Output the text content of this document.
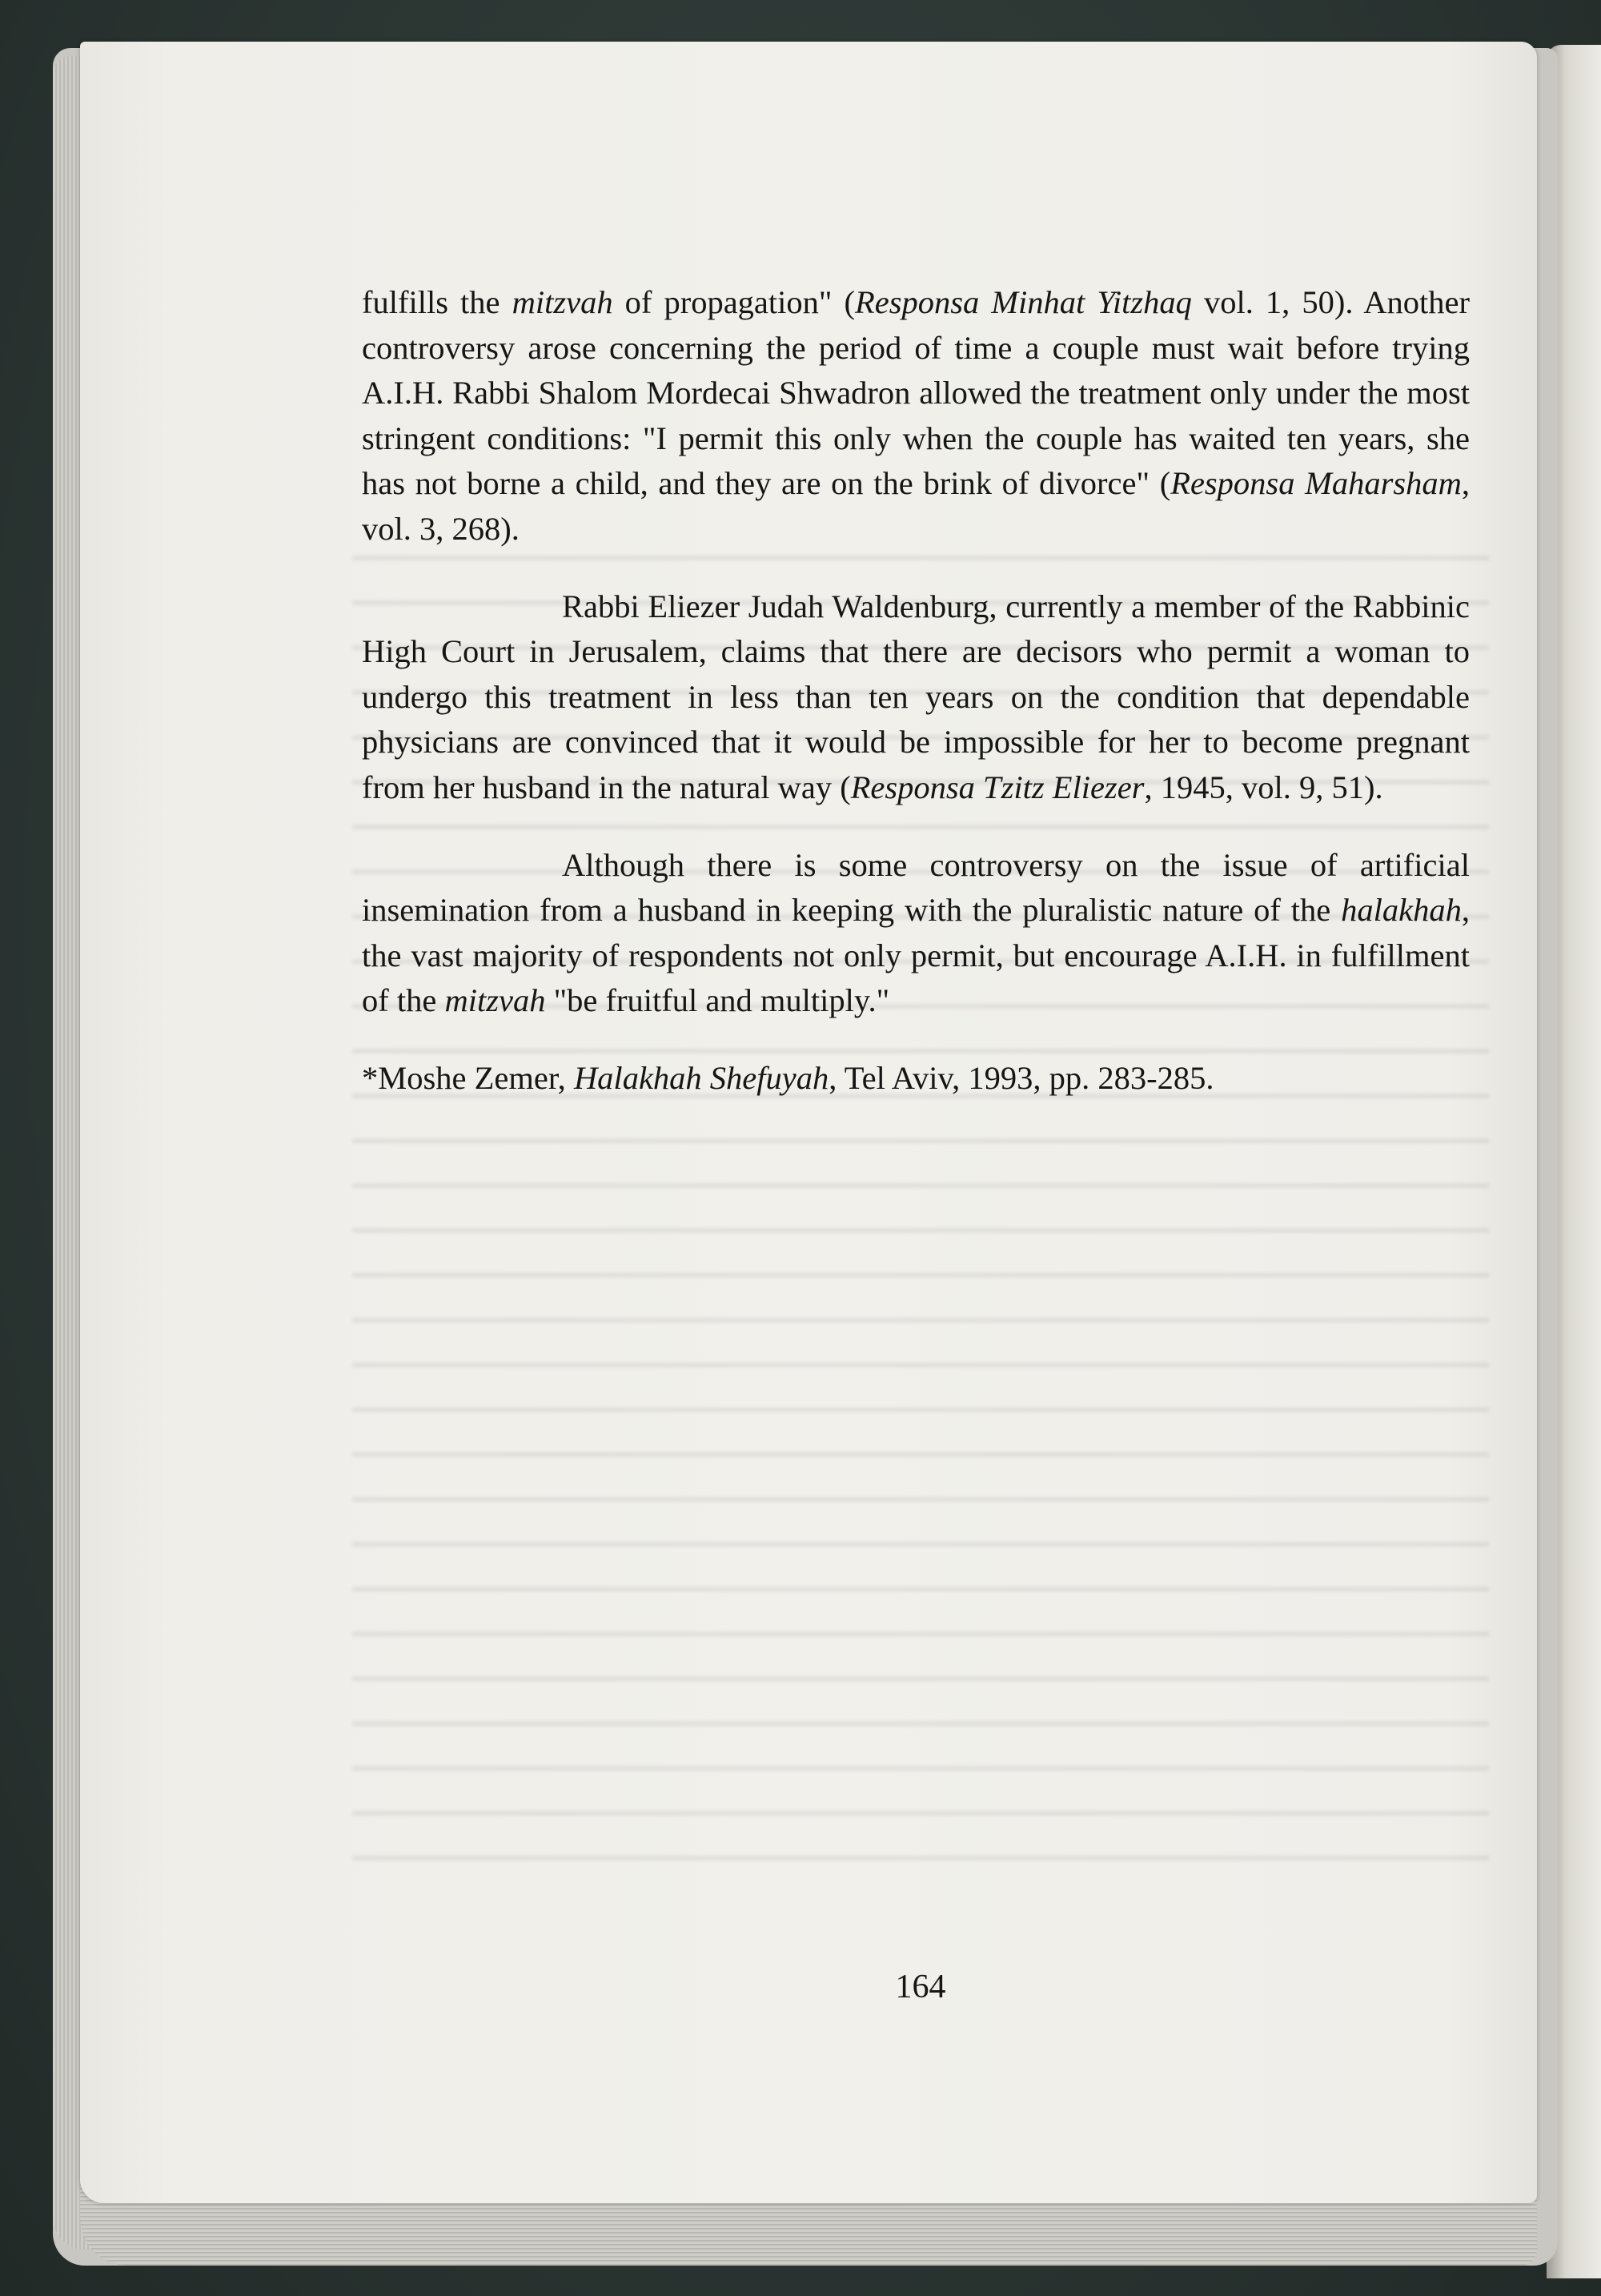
fulfills the mitzvah of propagation" (Responsa Minhat Yitzhaq vol. 1, 50). Another controversy arose concerning the period of time a couple must wait before trying A.I.H. Rabbi Shalom Mordecai Shwadron allowed the treatment only under the most stringent conditions: "I permit this only when the couple has waited ten years, she has not borne a child, and they are on the brink of divorce" (Responsa Maharsham, vol. 3, 268).

Rabbi Eliezer Judah Waldenburg, currently a member of the Rabbinic High Court in Jerusalem, claims that there are decisors who permit a woman to undergo this treatment in less than ten years on the condition that dependable physicians are convinced that it would be impossible for her to become pregnant from her husband in the natural way (Responsa Tzitz Eliezer, 1945, vol. 9, 51).

Although there is some controversy on the issue of artificial insemination from a husband in keeping with the pluralistic nature of the halakhah, the vast majority of respondents not only permit, but encourage A.I.H. in fulfillment of the mitzvah "be fruitful and multiply."

*Moshe Zemer, Halakhah Shefuyah, Tel Aviv, 1993, pp. 283-285.

164
